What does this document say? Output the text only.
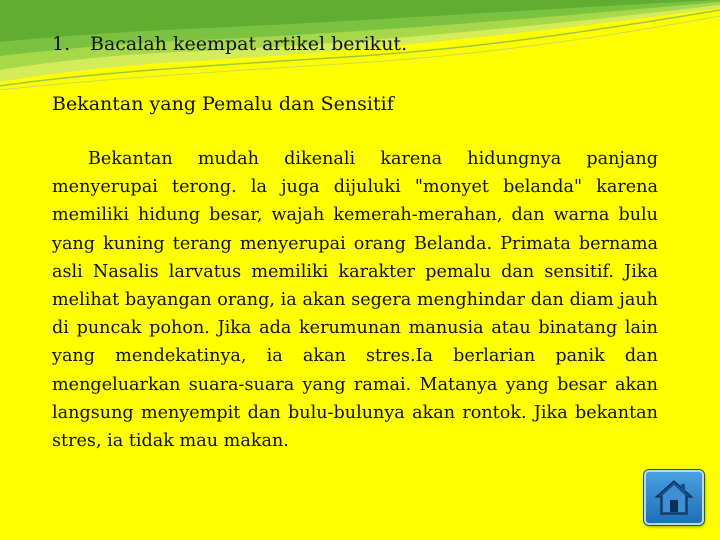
1. Bacalah keempat artikel berikut.
Bekantan yang Pemalu dan Sensitif

Bekantan mudah dikenali karena hidungnya panjang menyerupai terong. la juga dijuluki "monyet belanda" karena memiliki hidung besar, wajah kemerah-merahan, dan warna bulu yang kuning terang menyerupai orang Belanda. Primata bernama asli Nasalis larvatus memiliki karakter pemalu dan sensitif. Jika melihat bayangan orang, ia akan segera menghindar dan diam jauh di puncak pohon. Jika ada kerumunan manusia atau binatang lain yang mendekatinya, ia akan stres.Ia berlarian panik dan mengeluarkan suara-suara yang ramai. Matanya yang besar akan langsung menyempit dan bulu-bulunya akan rontok. Jika bekantan stres, ia tidak mau makan.
